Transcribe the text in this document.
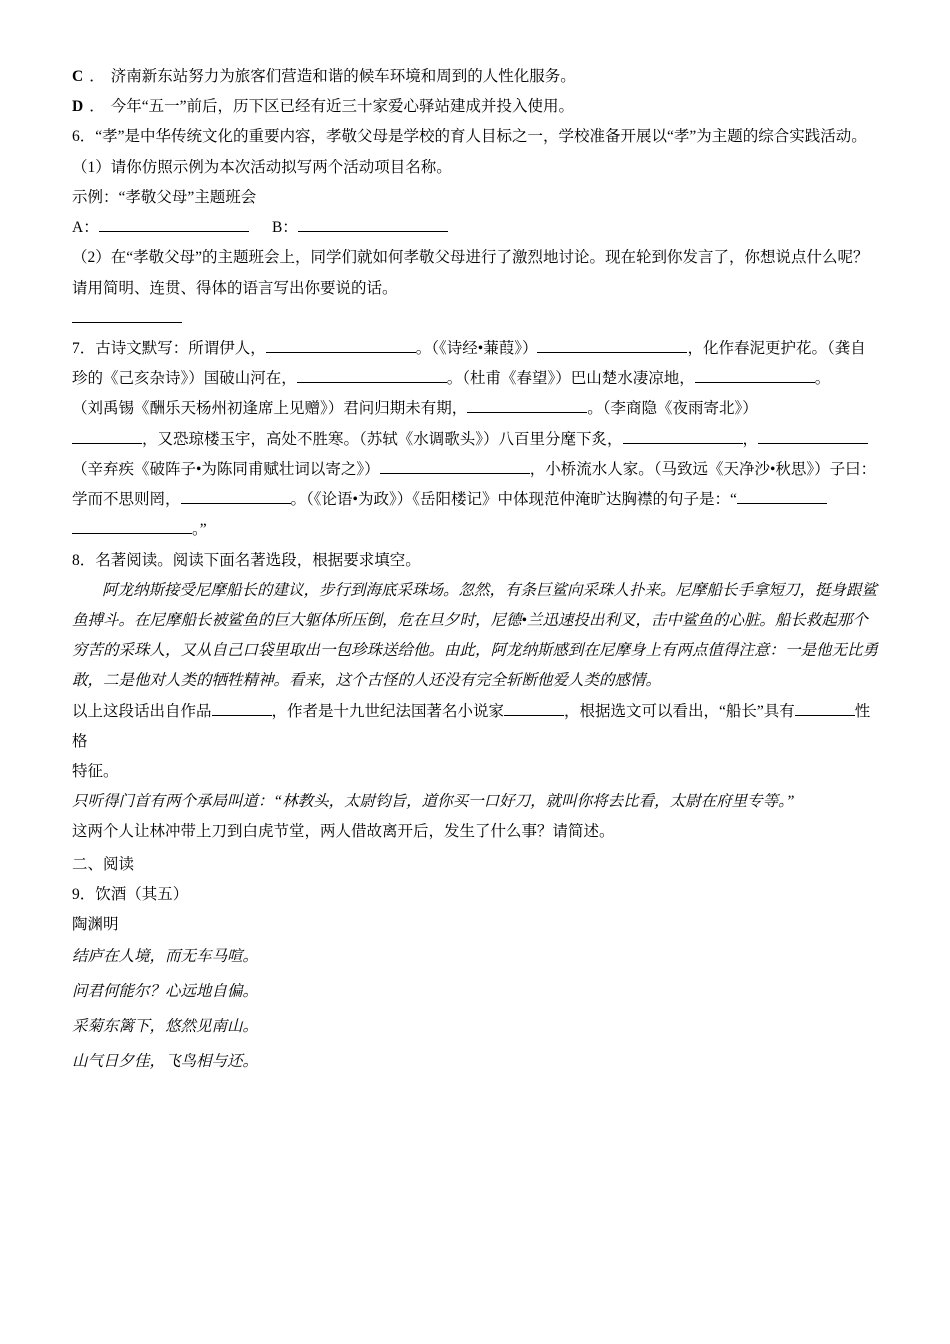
C ． 济南新东站努力为旅客们营造和谐的候车环境和周到的人性化服务。

D ． 今年“五一”前后，历下区已经有近三十家爱心驿站建成并投入使用。

6．“孝”是中华传统文化的重要内容，孝敬父母是学校的育人目标之一，学校准备开展以“孝”为主题的综合实践活动。

（1）请你仿照示例为本次活动拟写两个活动项目名称。

示例：“孝敬父母”主题班会

A：	B：

（2）在“孝敬父母”的主题班会上，同学们就如何孝敬父母进行了激烈地讨论。现在轮到你发言了，你想说点什么呢？

请用简明、连贯、得体的语言写出你要说的话。

7．古诗文默写：所谓伊人，	。（《诗经•蒹葭》）	，化作春泥更护花。（龚自

珍的《己亥杂诗》）国破山河在，	。（杜甫《春望》）巴山楚水凄凉地，	。

（刘禹锡《酬乐天杨州初逢席上见赠》）君问归期未有期，	。（李商隐《夜雨寄北》）

，又恐琼楼玉宇，高处不胜寒。（苏轼《水调歌头》）八百里分麾下炙，	，

（辛弃疾《破阵子•为陈同甫赋壮词以寄之》）	，小桥流水人家。（马致远《天净沙•秋思》）子曰：

学而不思则罔，	。（《论语•为政》）《岳阳楼记》中体现范仲淹旷达胸襟的句子是：“

。”

8．名著阅读。阅读下面名著选段，根据要求填空。

阿龙纳斯接受尼摩船长的建议，步行到海底采珠场。忽然，有条巨鲨向采珠人扑来。尼摩船长手拿短刀，挺身跟鲨鱼搏斗。在尼摩船长被鲨鱼的巨大躯体所压倒，危在旦夕时，尼德•兰迅速投出利叉，击中鲨鱼的心脏。船长救起那个穷苦的采珠人，又从自己口袋里取出一包珍珠送给他。由此，阿龙纳斯感到在尼摩身上有两点值得注意：一是他无比勇敢，二是他对人类的牺牲精神。看来，这个古怪的人还没有完全斩断他爱人类的感情。

以上这段话出自作品	，作者是十九世纪法国著名小说家	，根据选文可以看出，“船长”具有	性格

特征。

只听得门首有两个承局叫道：“林教头，太尉钧旨，道你买一口好刀，就叫你将去比看，太尉在府里专等。”

这两个人让林冲带上刀到白虎节堂，两人借故离开后，发生了什么事？请简述。

二、阅读

9．饮酒（其五）

陶渊明

结庐在人境，而无车马喧。

问君何能尔？心远地自偏。

采菊东篱下，悠然见南山。

山气日夕佳，飞鸟相与还。
